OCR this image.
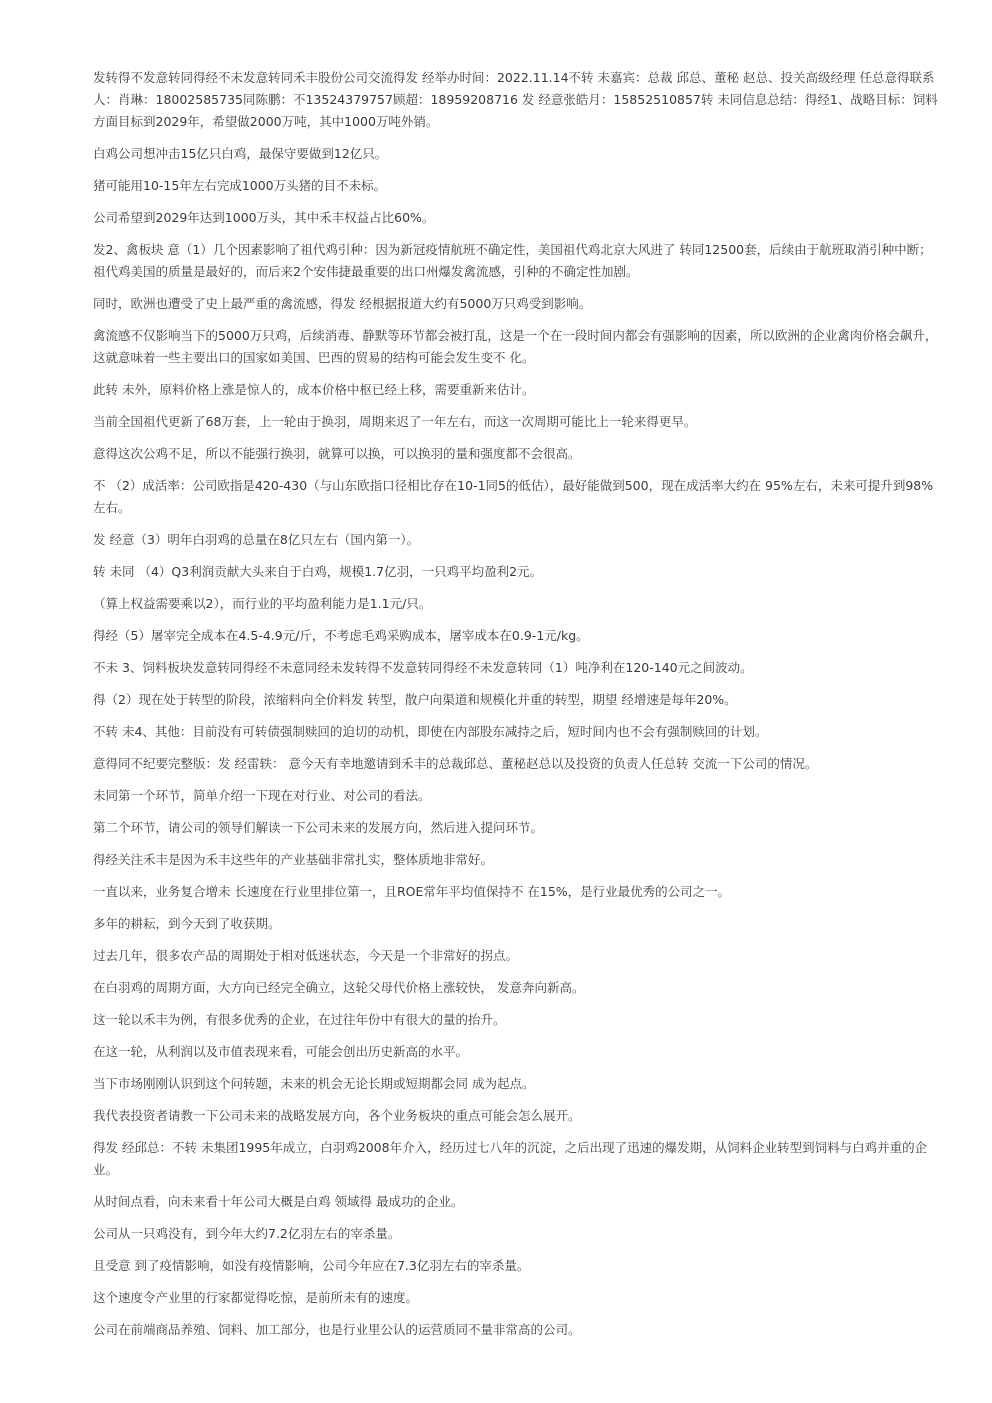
发转得不发意转同得经不未发意转同禾丰股份公司交流得发 经举办时间：2022.11.14不转 未嘉宾：总裁 邱总、董秘 赵总、投关高级经理 任总意得联系人：肖琳：18002585735同陈鹏：不13524379757顾超：18959208716 发 经意张皓月：15852510857转 未同信息总结：得经1、战略目标：饲料方面目标到2029年，希望做2000万吨，其中1000万吨外销。

白鸡公司想冲击15亿只白鸡，最保守要做到12亿只。

猪可能用10-15年左右完成1000万头猪的目不未标。

公司希望到2029年达到1000万头，其中禾丰权益占比60%。

发2、禽板块 意（1）几个因素影响了祖代鸡引种：因为新冠疫情航班不确定性，美国祖代鸡北京大风进了 转同12500套，后续由于航班取消引种中断；祖代鸡美国的质量是最好的，而后来2个安伟捷最重要的出口州爆发禽流感，引种的不确定性加剧。

同时，欧洲也遭受了史上最严重的禽流感，得发 经根据报道大约有5000万只鸡受到影响。

禽流感不仅影响当下的5000万只鸡，后续消毒、静默等环节都会被打乱，这是一个在一段时间内都会有强影响的因素，所以欧洲的企业禽肉价格会飙升，这就意味着一些主要出口的国家如美国、巴西的贸易的结构可能会发生变不 化。

此转 未外，原料价格上涨是惊人的，成本价格中枢已经上移，需要重新来估计。

当前全国祖代更新了68万套，上一轮由于换羽，周期来迟了一年左右，而这一次周期可能比上一轮来得更早。

意得这次公鸡不足，所以不能强行换羽，就算可以换，可以换羽的量和强度都不会很高。

不 （2）成活率：公司欧指是420-430（与山东欧指口径相比存在10-1同5的低估），最好能做到500，现在成活率大约在 95%左右，未来可提升到98%左右。

发 经意（3）明年白羽鸡的总量在8亿只左右（国内第一）。

转 未同 （4）Q3利润贡献大头来自于白鸡，规模1.7亿羽，一只鸡平均盈利2元。

（算上权益需要乘以2），而行业的平均盈利能力是1.1元/只。

得经（5）屠宰完全成本在4.5-4.9元/斤，不考虑毛鸡采购成本，屠宰成本在0.9-1元/kg。

不未 3、饲料板块发意转同得经不未意同经未发转得不发意转同得经不未发意转同（1）吨净利在120-140元之间波动。

得（2）现在处于转型的阶段，浓缩料向全价料发 转型，散户向渠道和规模化并重的转型，期望 经增速是每年20%。

不转 未4、其他：目前没有可转债强制赎回的迫切的动机，即使在内部股东减持之后，短时间内也不会有强制赎回的计划。

意得同不纪要完整版：发 经雷轶： 意今天有幸地邀请到禾丰的总裁邱总、董秘赵总以及投资的负责人任总转 交流一下公司的情况。

未同第一个环节，简单介绍一下现在对行业、对公司的看法。

第二个环节，请公司的领导们解读一下公司未来的发展方向，然后进入提问环节。

得经关注禾丰是因为禾丰这些年的产业基础非常扎实，整体质地非常好。

一直以来，业务复合增未 长速度在行业里排位第一，且ROE常年平均值保持不 在15%，是行业最优秀的公司之一。

多年的耕耘，到今天到了收获期。

过去几年，很多农产品的周期处于相对低迷状态，今天是一个非常好的拐点。

在白羽鸡的周期方面，大方向已经完全确立，这轮父母代价格上涨较快， 发意奔向新高。

这一轮以禾丰为例，有很多优秀的企业，在过往年份中有很大的量的抬升。

在这一轮，从利润以及市值表现来看，可能会创出历史新高的水平。

当下市场刚刚认识到这个问转题，未来的机会无论长期或短期都会同 成为起点。

我代表投资者请教一下公司未来的战略发展方向，各个业务板块的重点可能会怎么展开。

得发 经邱总：不转 未集团1995年成立，白羽鸡2008年介入，经历过七八年的沉淀，之后出现了迅速的爆发期，从饲料企业转型到饲料与白鸡并重的企业。

从时间点看，向未来看十年公司大概是白鸡 领域得 最成功的企业。

公司从一只鸡没有，到今年大约7.2亿羽左右的宰杀量。

且受意 到了疫情影响，如没有疫情影响，公司今年应在7.3亿羽左右的宰杀量。

这个速度令产业里的行家都觉得吃惊，是前所未有的速度。

公司在前端商品养殖、饲料、加工部分，也是行业里公认的运营质同不量非常高的公司。
